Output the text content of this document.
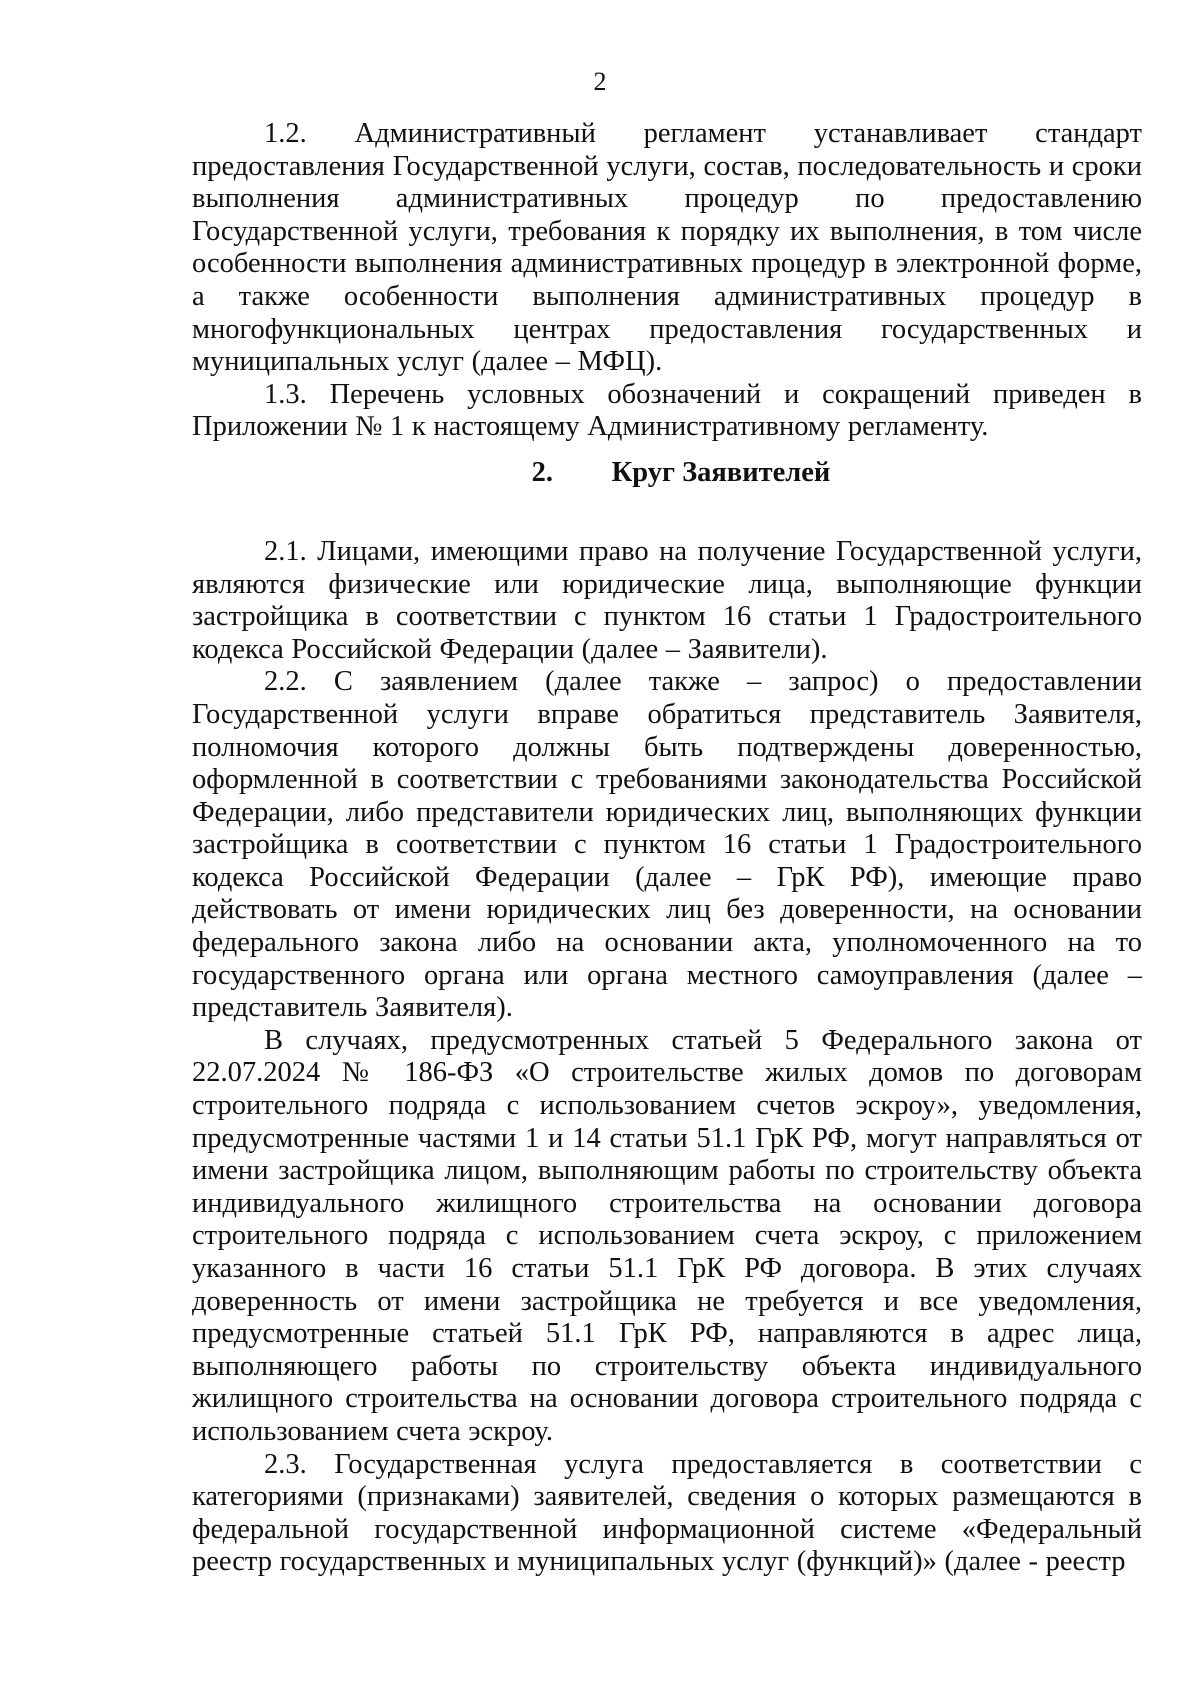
2

1.2. Административный регламент устанавливает стандарт предоставления Государственной услуги, состав, последовательность и сроки выполнения административных процедур по предоставлению Государственной услуги, требования к порядку их выполнения, в том числе особенности выполнения административных процедур в электронной форме, а также особенности выполнения административных процедур в многофункциональных центрах предоставления государственных и муниципальных услуг (далее – МФЦ).

1.3. Перечень условных обозначений и сокращений приведен в Приложении № 1 к настоящему Административному регламенту.

2. Круг Заявителей

2.1. Лицами, имеющими право на получение Государственной услуги, являются физические или юридические лица, выполняющие функции застройщика в соответствии с пунктом 16 статьи 1 Градостроительного кодекса Российской Федерации (далее – Заявители).

2.2. С заявлением (далее также – запрос) о предоставлении Государственной услуги вправе обратиться представитель Заявителя, полномочия которого должны быть подтверждены доверенностью, оформленной в соответствии с требованиями законодательства Российской Федерации, либо представители юридических лиц, выполняющих функции застройщика в соответствии с пунктом 16 статьи 1 Градостроительного кодекса Российской Федерации (далее – ГрК РФ), имеющие право действовать от имени юридических лиц без доверенности, на основании федерального закона либо на основании акта, уполномоченного на то государственного органа или органа местного самоуправления (далее – представитель Заявителя).

В случаях, предусмотренных статьей 5 Федерального закона от 22.07.2024 № 186-ФЗ «О строительстве жилых домов по договорам строительного подряда с использованием счетов эскроу», уведомления, предусмотренные частями 1 и 14 статьи 51.1 ГрК РФ, могут направляться от имени застройщика лицом, выполняющим работы по строительству объекта индивидуального жилищного строительства на основании договора строительного подряда с использованием счета эскроу, с приложением указанного в части 16 статьи 51.1 ГрК РФ договора. В этих случаях доверенность от имени застройщика не требуется и все уведомления, предусмотренные статьей 51.1 ГрК РФ, направляются в адрес лица, выполняющего работы по строительству объекта индивидуального жилищного строительства на основании договора строительного подряда с использованием счета эскроу.

2.3. Государственная услуга предоставляется в соответствии с категориями (признаками) заявителей, сведения о которых размещаются в федеральной государственной информационной системе «Федеральный реестр государственных и муниципальных услуг (функций)» (далее - реестр
